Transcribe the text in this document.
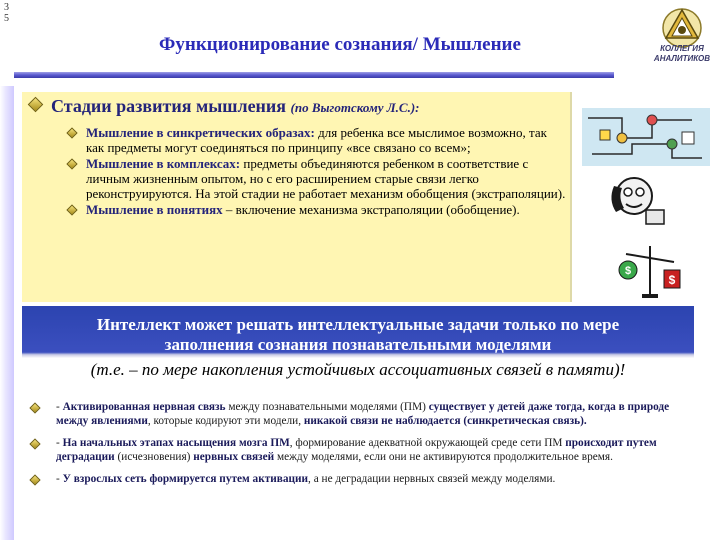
3
5
Функционирование сознания/ Мышление	КОЛЛЕГИЯ
АНАЛИТИКОВ
Стадии развития мышления (по Выготскому Л.С.):
Мышление в синкретических образах: для ребенка все мыслимое возможно, так как предметы могут соединяться по принципу «все связано со всем»;
Мышление в комплексах: предметы объединяются ребенком в соответствие с личным жизненным опытом, но с его расширением старые связи легко реконструируются. На этой стадии не работает механизм обобщения (экстраполяции).
Мышление в понятиях – включение механизма экстраполяции (обобщение).
$
$
Интеллект может решать интеллектуальные задачи только по мере
заполнения сознания познавательными моделями
(т.е. – по мере накопления устойчивых ассоциативных связей в памяти)!
- Активированная нервная связь между познавательными моделями (ПМ) существует у детей даже тогда, когда в природе между явлениями, которые кодируют эти модели, никакой связи не наблюдается (синкретическая связь).
- На начальных этапах насыщения мозга ПМ, формирование адекватной окружающей среде сети ПМ происходит путем деградации (исчезновения) нервных связей между моделями, если они не активируются продолжительное время.
- У взрослых сеть формируется путем активации, а не деградации нервных связей между моделями.
